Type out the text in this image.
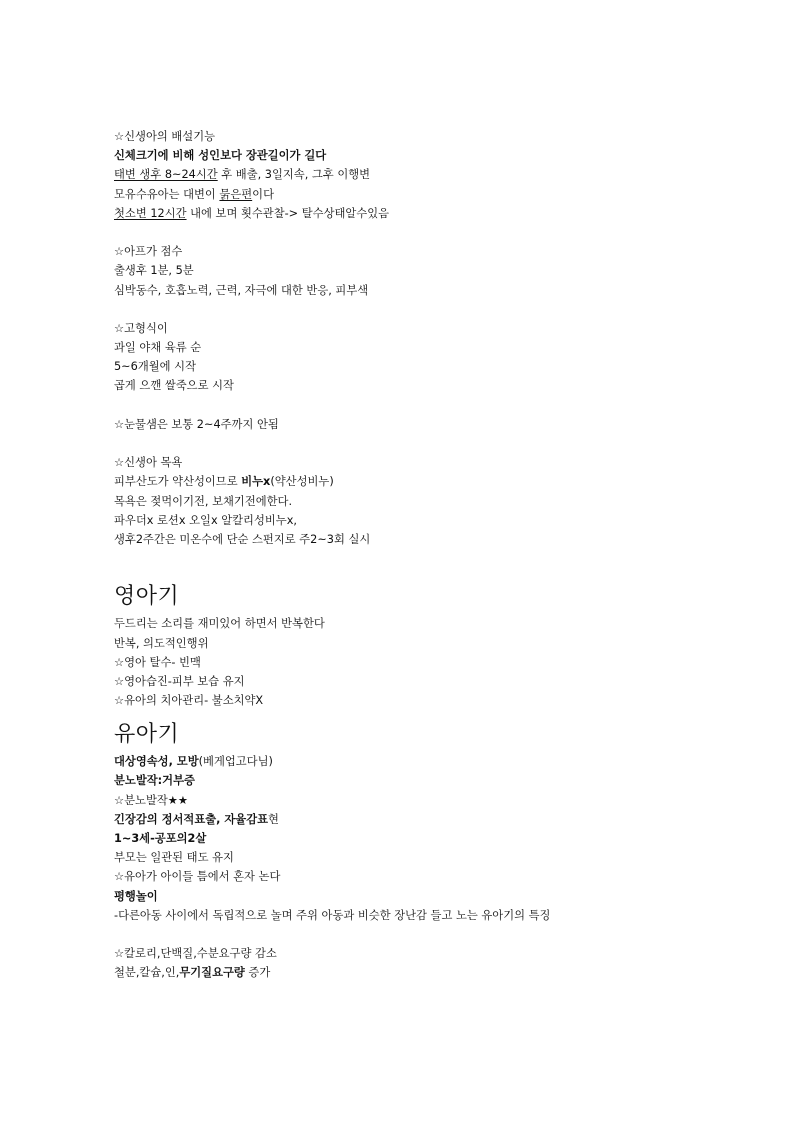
☆신생아의 배설기능
신체크기에 비해 성인보다 장관길이가 길다
태변 생후 8~24시간 후 배출, 3일지속, 그후 이행변
모유수유아는 대변이 묽은편이다
첫소변 12시간 내에 보며 횟수관찰-> 탈수상태알수있음
☆아프가 점수
출생후 1분, 5분
심박동수, 호흡노력, 근력, 자극에 대한 반응, 피부색
☆고형식이
과일 야채 육류 순
5~6개월에 시작
곱게 으깬 쌀죽으로 시작
☆눈물샘은 보통 2~4주까지 안됨
☆신생아 목욕
피부산도가 약산성이므로 비누x(약산성비누)
목욕은 젖먹이기전, 보채기전에한다.
파우더x 로션x 오일x 알칼리성비누x,
생후2주간은 미온수에 단순 스펀지로 주2~3회 실시
영아기
두드리는 소리를 재미있어 하면서 반복한다
반복, 의도적인행위
☆영아 탈수- 빈맥
☆영아습진-피부 보습 유지
☆유아의 치아관리- 불소치약X
유아기
대상영속성, 모방(베게업고다님)
분노발작:거부증
☆분노발작★★
긴장감의 정서적표출, 자율감표현
1~3세-공포의2살
부모는 일관된 태도 유지
☆유아가 아이들 틈에서 혼자 논다
평행놀이
-다른아동 사이에서 독립적으로 놀며 주위 아동과 비슷한 장난감 들고 노는 유아기의 특징
☆칼로리,단백질,수분요구량 감소
철분,칼슘,인,무기질요구량 증가
